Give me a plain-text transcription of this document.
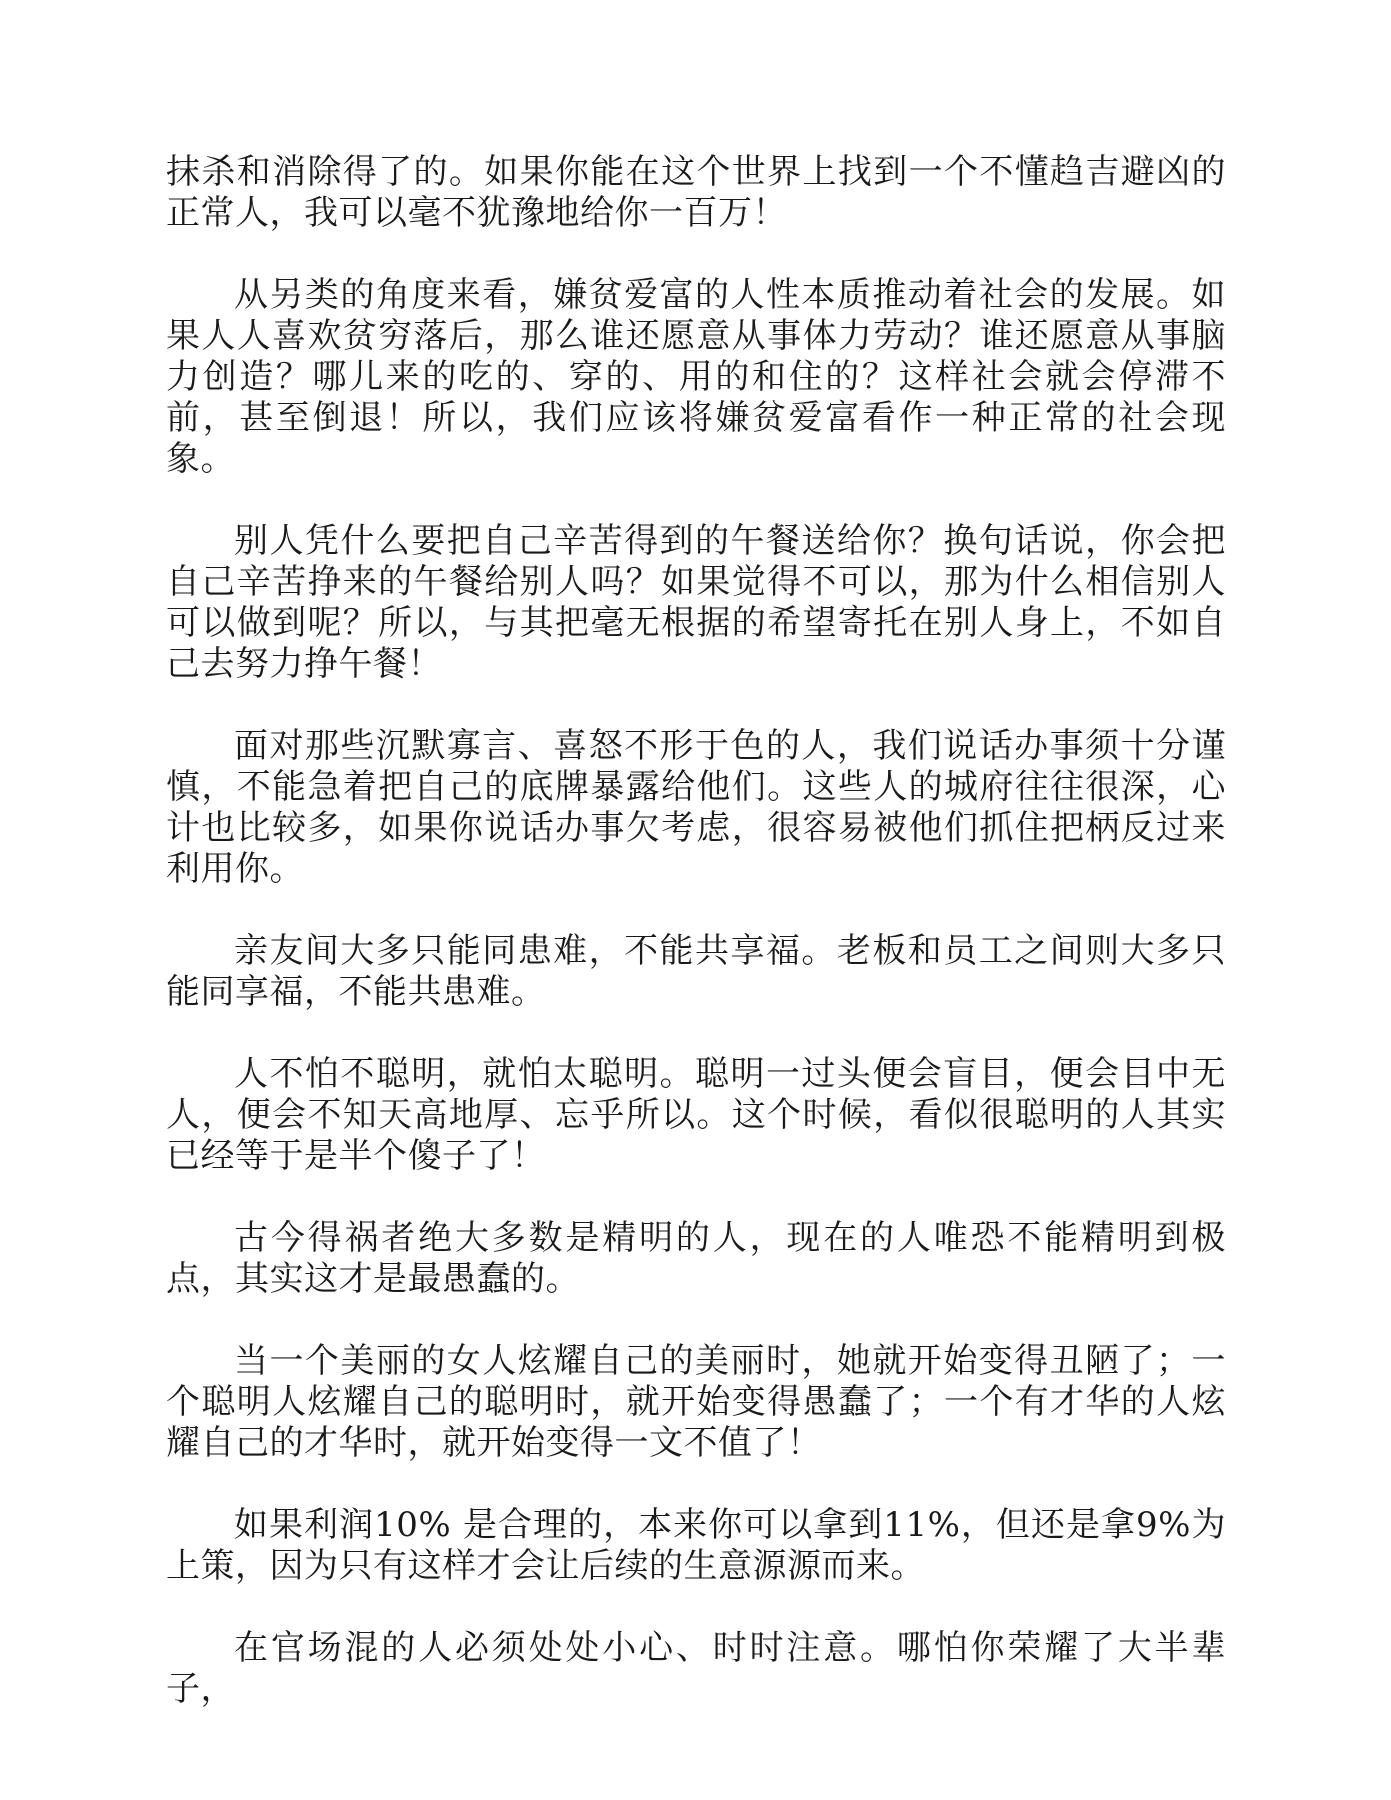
抹杀和消除得了的。如果你能在这个世界上找到一个不懂趋吉避凶的正常人，我可以毫不犹豫地给你一百万！

从另类的角度来看，嫌贫爱富的人性本质推动着社会的发展。如果人人喜欢贫穷落后，那么谁还愿意从事体力劳动？谁还愿意从事脑力创造？哪儿来的吃的、穿的、用的和住的？这样社会就会停滞不前，甚至倒退！所以，我们应该将嫌贫爱富看作一种正常的社会现象。

别人凭什么要把自己辛苦得到的午餐送给你？换句话说，你会把自己辛苦挣来的午餐给别人吗？如果觉得不可以，那为什么相信别人可以做到呢？所以，与其把毫无根据的希望寄托在别人身上，不如自己去努力挣午餐！

面对那些沉默寡言、喜怒不形于色的人，我们说话办事须十分谨慎，不能急着把自己的底牌暴露给他们。这些人的城府往往很深，心计也比较多，如果你说话办事欠考虑，很容易被他们抓住把柄反过来利用你。

亲友间大多只能同患难，不能共享福。老板和员工之间则大多只能同享福，不能共患难。

人不怕不聪明，就怕太聪明。聪明一过头便会盲目，便会目中无人，便会不知天高地厚、忘乎所以。这个时候，看似很聪明的人其实已经等于是半个傻子了！

古今得祸者绝大多数是精明的人，现在的人唯恐不能精明到极点，其实这才是最愚蠢的。

当一个美丽的女人炫耀自己的美丽时，她就开始变得丑陋了；一个聪明人炫耀自己的聪明时，就开始变得愚蠢了；一个有才华的人炫耀自己的才华时，就开始变得一文不值了！

如果利润10% 是合理的，本来你可以拿到11%，但还是拿9%为上策，因为只有这样才会让后续的生意源源而来。

在官场混的人必须处处小心、时时注意。哪怕你荣耀了大半辈子，
